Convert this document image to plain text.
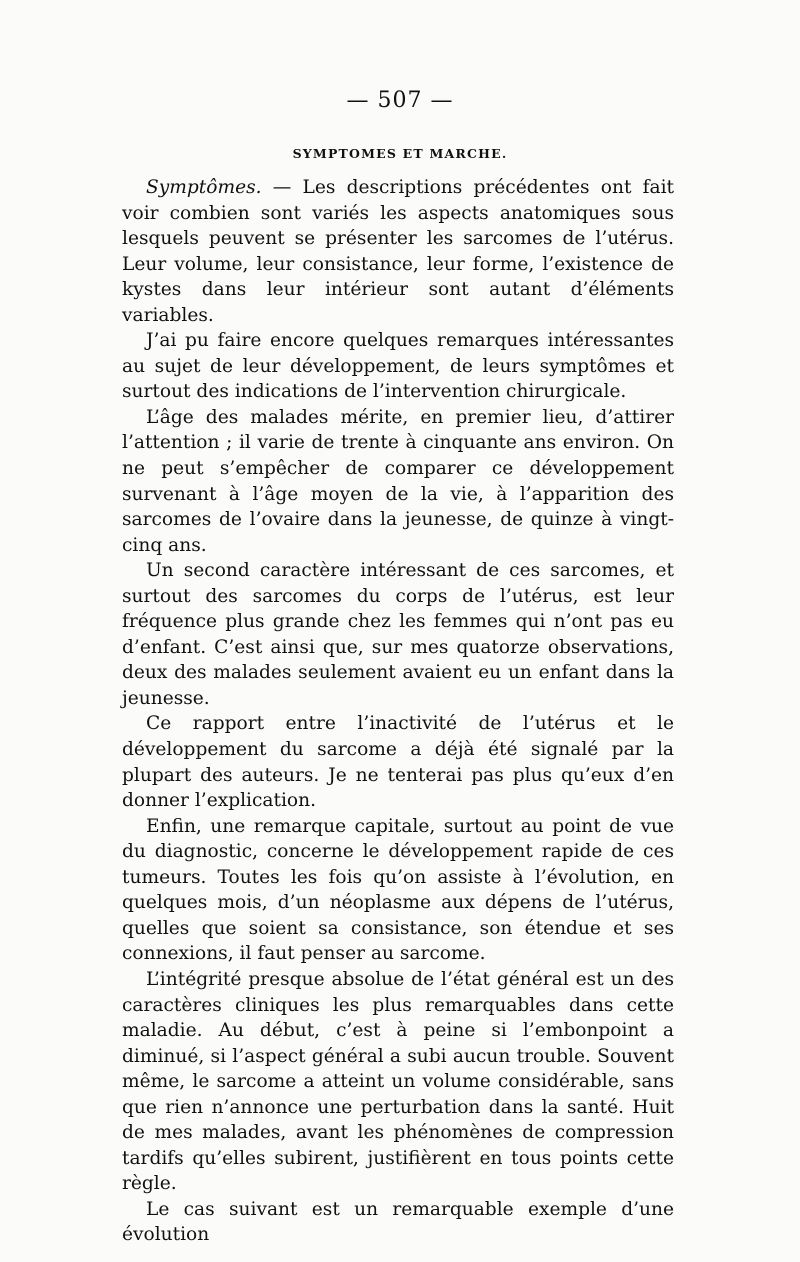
— 507 —
SYMPTOMES ET MARCHE.

Symptômes. — Les descriptions précédentes ont fait voir combien sont variés les aspects anatomiques sous lesquels peuvent se présenter les sarcomes de l’utérus. Leur volume, leur consistance, leur forme, l’existence de kystes dans leur intérieur sont autant d’éléments variables.

J’ai pu faire encore quelques remarques intéressantes au sujet de leur développement, de leurs symptômes et surtout des indications de l’intervention chirurgicale.

L’âge des malades mérite, en premier lieu, d’attirer l’attention ; il varie de trente à cinquante ans environ. On ne peut s’empêcher de comparer ce développement survenant à l’âge moyen de la vie, à l’apparition des sarcomes de l’ovaire dans la jeunesse, de quinze à vingt-cinq ans.

Un second caractère intéressant de ces sarcomes, et surtout des sarcomes du corps de l’utérus, est leur fréquence plus grande chez les femmes qui n’ont pas eu d’enfant. C’est ainsi que, sur mes quatorze observations, deux des malades seulement avaient eu un enfant dans la jeunesse.

Ce rapport entre l’inactivité de l’utérus et le développement du sarcome a déjà été signalé par la plupart des auteurs. Je ne tenterai pas plus qu’eux d’en donner l’explication.

Enfin, une remarque capitale, surtout au point de vue du diagnostic, concerne le développement rapide de ces tumeurs. Toutes les fois qu’on assiste à l’évolution, en quelques mois, d’un néoplasme aux dépens de l’utérus, quelles que soient sa consistance, son étendue et ses connexions, il faut penser au sarcome.

L’intégrité presque absolue de l’état général est un des caractères cliniques les plus remarquables dans cette maladie. Au début, c’est à peine si l’embonpoint a diminué, si l’aspect général a subi aucun trouble. Souvent même, le sarcome a atteint un volume considérable, sans que rien n’annonce une perturbation dans la santé. Huit de mes malades, avant les phénomènes de compression tardifs qu’elles subirent, justifièrent en tous points cette règle.

Le cas suivant est un remarquable exemple d’une évolution
